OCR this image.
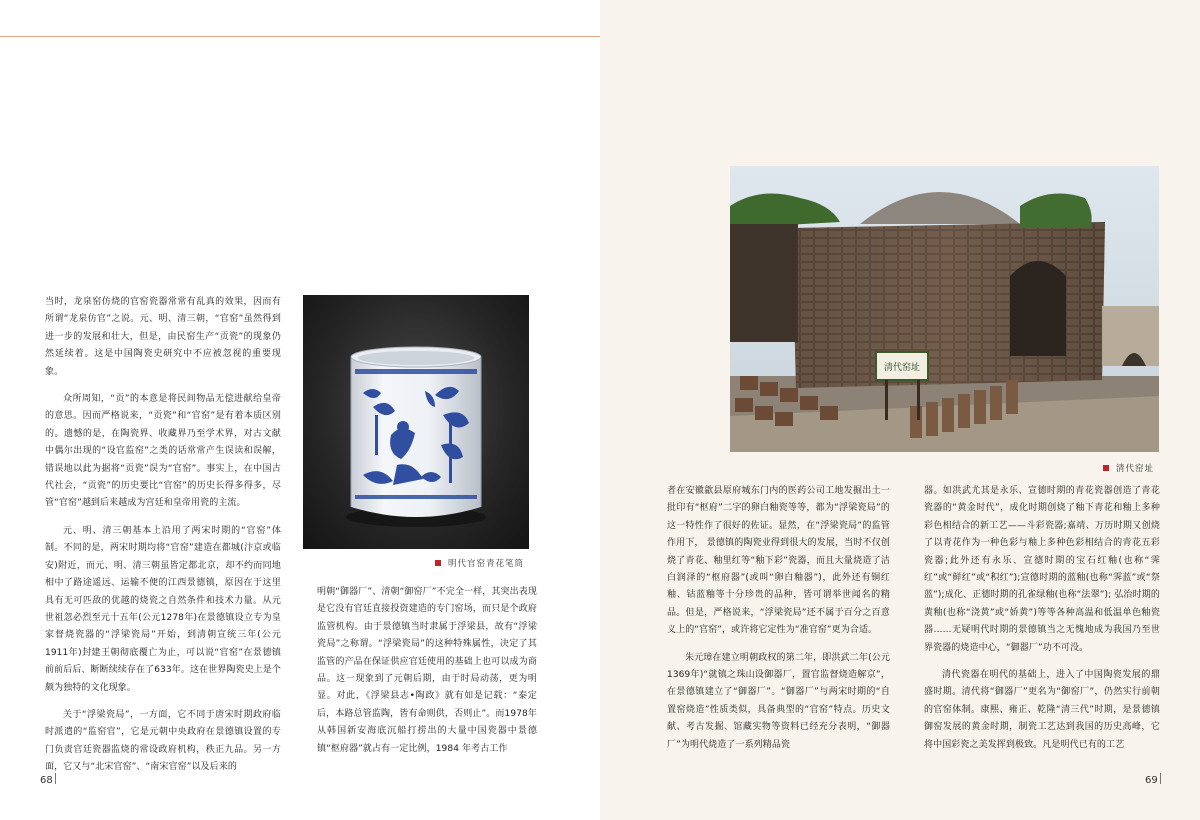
当时，龙泉窑仿烧的官窑瓷器常常有乱真的效果，因而有所谓“龙泉仿官”之说。元、明、清三朝，“官窑”虽然得到进一步的发展和壮大，但是，由民窑生产“贡瓷”的现象仍然延续着。这是中国陶瓷史研究中不应被忽视的重要现象。

众所周知，“贡”的本意是将民间物品无偿进献给皇帝的意思。因而严格说来，“贡瓷”和“官窑”是有着本质区别的。遗憾的是，在陶瓷界、收藏界乃至学术界，对古文献中偶尔出现的“设官监窑”之类的话常常产生误读和误解，错误地以此为据将“贡瓷”误为“官窑”。事实上，在中国古代社会，“贡瓷”的历史要比“官窑”的历史长得多得多，尽管“官窑”越到后来越成为宫廷和皇帝用瓷的主流。

元、明、清三朝基本上沿用了两宋时期的“官窑”体制。不同的是，两宋时期均将“官窑”建造在都城(汴京或临安)附近，而元、明、清三朝虽皆定都北京，却不约而同地相中了路途遥远、运输不便的江西景德镇，原因在于这里具有无可匹敌的优越的烧瓷之自然条件和技术力量。从元世祖忽必烈至元十五年(公元1278年)在景德镇设立专为皇家督烧瓷器的“浮梁瓷局”开始，到清朝宣统三年(公元1911年)封建王朝彻底覆亡为止，可以说“官窑”在景德镇前前后后、断断续续存在了633年。这在世界陶瓷史上是个颇为独特的文化现象。

关于“浮梁瓷局”，一方面，它不同于唐宋时期政府临时派遣的“监窑官”，它是元朝中央政府在景德镇设置的专门负责官廷瓷器监烧的常设政府机构，秩正九品。另一方面，它又与“北宋官窑”、“南宋官窑”以及后来的

明代官窑青花笔筒

明朝“御器厂”、清朝“御窑厂”不完全一样，其突出表现是它没有官廷直接投资建造的专门窑场，而只是个政府监管机构。由于景德镇当时隶属于浮梁县，故有“浮梁瓷局”之称谓。“浮梁瓷局”的这种特殊属性，决定了其监管的产品在保证供应官廷使用的基础上也可以成为商品。这一现象到了元朝后期，由于时局动荡，更为明显。对此，《浮梁县志•陶政》就有如是记载：“泰定后，本路总管监陶，皆有命则供，否则止”。而1978年从韩国新安海底沉船打捞出的大量中国瓷器中景德镇“枢府器”就占有一定比例，1984 年考古工作

68
清代窑址
清代窑址

者在安徽歙县原府城东门内的医药公司工地发掘出土一批印有“枢府”二字的卵白釉瓷等等，都为“浮梁瓷局”的这一特性作了很好的佐证。显然，在“浮梁瓷局”的监管作用下， 景德镇的陶瓷业得到很大的发展，当时不仅创烧了青花、釉里红等“釉下彩”瓷器，而且大量烧造了洁白润泽的“枢府器”(或叫“卵白釉器”)，此外还有铜红釉、钴蓝釉等十分珍贵的品种，皆可谓举世闻名的精品。但是，严格说来，“浮梁瓷局”还不属于百分之百意义上的“官窑”，或许将它定性为“准官窑”更为合适。

朱元璋在建立明朝政权的第二年，即洪武二年(公元1369年)“就镇之珠山设御器厂，置官监督烧造解京”，在景德镇建立了“御器厂”。“御器厂”与两宋时期的“自置窑烧造”性质类似，具备典型的“官窑”特点。历史文献、考古发掘、馆藏实物等资料已经充分表明，“御器厂”为明代烧造了一系列精品瓷

器。如洪武尤其是永乐、宣德时期的青花瓷器创造了青花瓷器的“黄金时代”，成化时期创烧了釉下青花和釉上多种彩色相结合的新工艺——斗彩瓷器;嘉靖、万历时期又创烧了以青花作为一种色彩与釉上多种色彩相结合的青花五彩瓷器;此外还有永乐、宣德时期的宝石红釉(也称“霁红”或“鲜红”或“积红”);宣德时期的蓝釉(也称“霁蓝”或“祭蓝”);成化、正德时期的孔雀绿釉(也称“法翠”); 弘治时期的黄釉(也称“浇黄”或“娇黄”)等等各种高温和低温单色釉瓷器……无疑明代时期的景德镇当之无愧地成为我国乃至世界瓷器的烧造中心，“御器厂”功不可没。

清代瓷器在明代的基础上，进入了中国陶瓷发展的鼎盛时期。清代将“御器厂”更名为“御窑厂”，仍然实行前朝的官窑体制。康熙、雍正、乾隆“清三代”时期，是景德镇御窑发展的黄金时期，制瓷工艺达到我国的历史高峰，它将中国彩瓷之美发挥到极致。凡是明代已有的工艺

69
